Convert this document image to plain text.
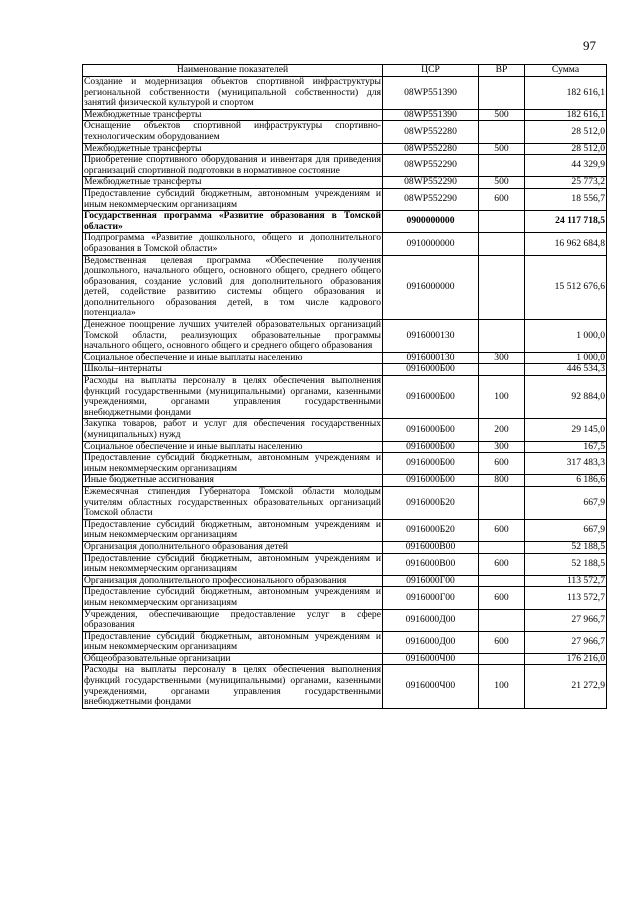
97
Наименование показателей	ЦСР	ВР	Сумма
Создание и модернизация объектов спортивной инфраструктуры региональной собственности (муниципальной собственности) для занятий физической культурой и спортом	08WP551390		182 616,1
Межбюджетные трансферты	08WP551390	500	182 616,1
Оснащение объектов спортивной инфраструктуры спортивно-технологическим оборудованием	08WP552280		28 512,0
Межбюджетные трансферты	08WP552280	500	28 512,0
Приобретение спортивного оборудования и инвентаря для приведения организаций спортивной подготовки в нормативное состояние	08WP552290		44 329,9
Межбюджетные трансферты	08WP552290	500	25 773,2
Предоставление субсидий бюджетным, автономным учреждениям и иным некоммерческим организациям	08WP552290	600	18 556,7
Государственная программа «Развитие образования в Томской области»	0900000000		24 117 718,5
Подпрограмма «Развитие дошкольного, общего и дополнительного образования в Томской области»	0910000000		16 962 684,8
Ведомственная целевая программа «Обеспечение получения дошкольного, начального общего, основного общего, среднего общего образования, создание условий для дополнительного образования детей, содействие развитию системы общего образования и дополнительного образования детей, в том числе кадрового потенциала»	0916000000		15 512 676,6
Денежное поощрение лучших учителей образовательных организаций Томской области, реализующих образовательные программы начального общего, основного общего и среднего общего образования	0916000130		1 000,0
Социальное обеспечение и иные выплаты населению	0916000130	300	1 000,0
Школы–интернаты	0916000Б00		446 534,3
Расходы на выплаты персоналу в целях обеспечения выполнения функций государственными (муниципальными) органами, казенными учреждениями, органами управления государственными внебюджетными фондами	0916000Б00	100	92 884,0
Закупка товаров, работ и услуг для обеспечения государственных (муниципальных) нужд	0916000Б00	200	29 145,0
Социальное обеспечение и иные выплаты населению	0916000Б00	300	167,5
Предоставление субсидий бюджетным, автономным учреждениям и иным некоммерческим организациям	0916000Б00	600	317 483,3
Иные бюджетные ассигнования	0916000Б00	800	6 186,6
Ежемесячная стипендия Губернатора Томской области молодым учителям областных государственных образовательных организаций Томской области	0916000Б20		667,9
Предоставление субсидий бюджетным, автономным учреждениям и иным некоммерческим организациям	0916000Б20	600	667,9
Организация дополнительного образования детей	0916000В00		52 188,5
Предоставление субсидий бюджетным, автономным учреждениям и иным некоммерческим организациям	0916000В00	600	52 188,5
Организация дополнительного профессионального образования	0916000Г00		113 572,7
Предоставление субсидий бюджетным, автономным учреждениям и иным некоммерческим организациям	0916000Г00	600	113 572,7
Учреждения, обеспечивающие предоставление услуг в сфере образования	0916000Д00		27 966,7
Предоставление субсидий бюджетным, автономным учреждениям и иным некоммерческим организациям	0916000Д00	600	27 966,7
Общеобразовательные организации	0916000Ч00		176 216,0
Расходы на выплаты персоналу в целях обеспечения выполнения функций государственными (муниципальными) органами, казенными учреждениями, органами управления государственными внебюджетными фондами	0916000Ч00	100	21 272,9
